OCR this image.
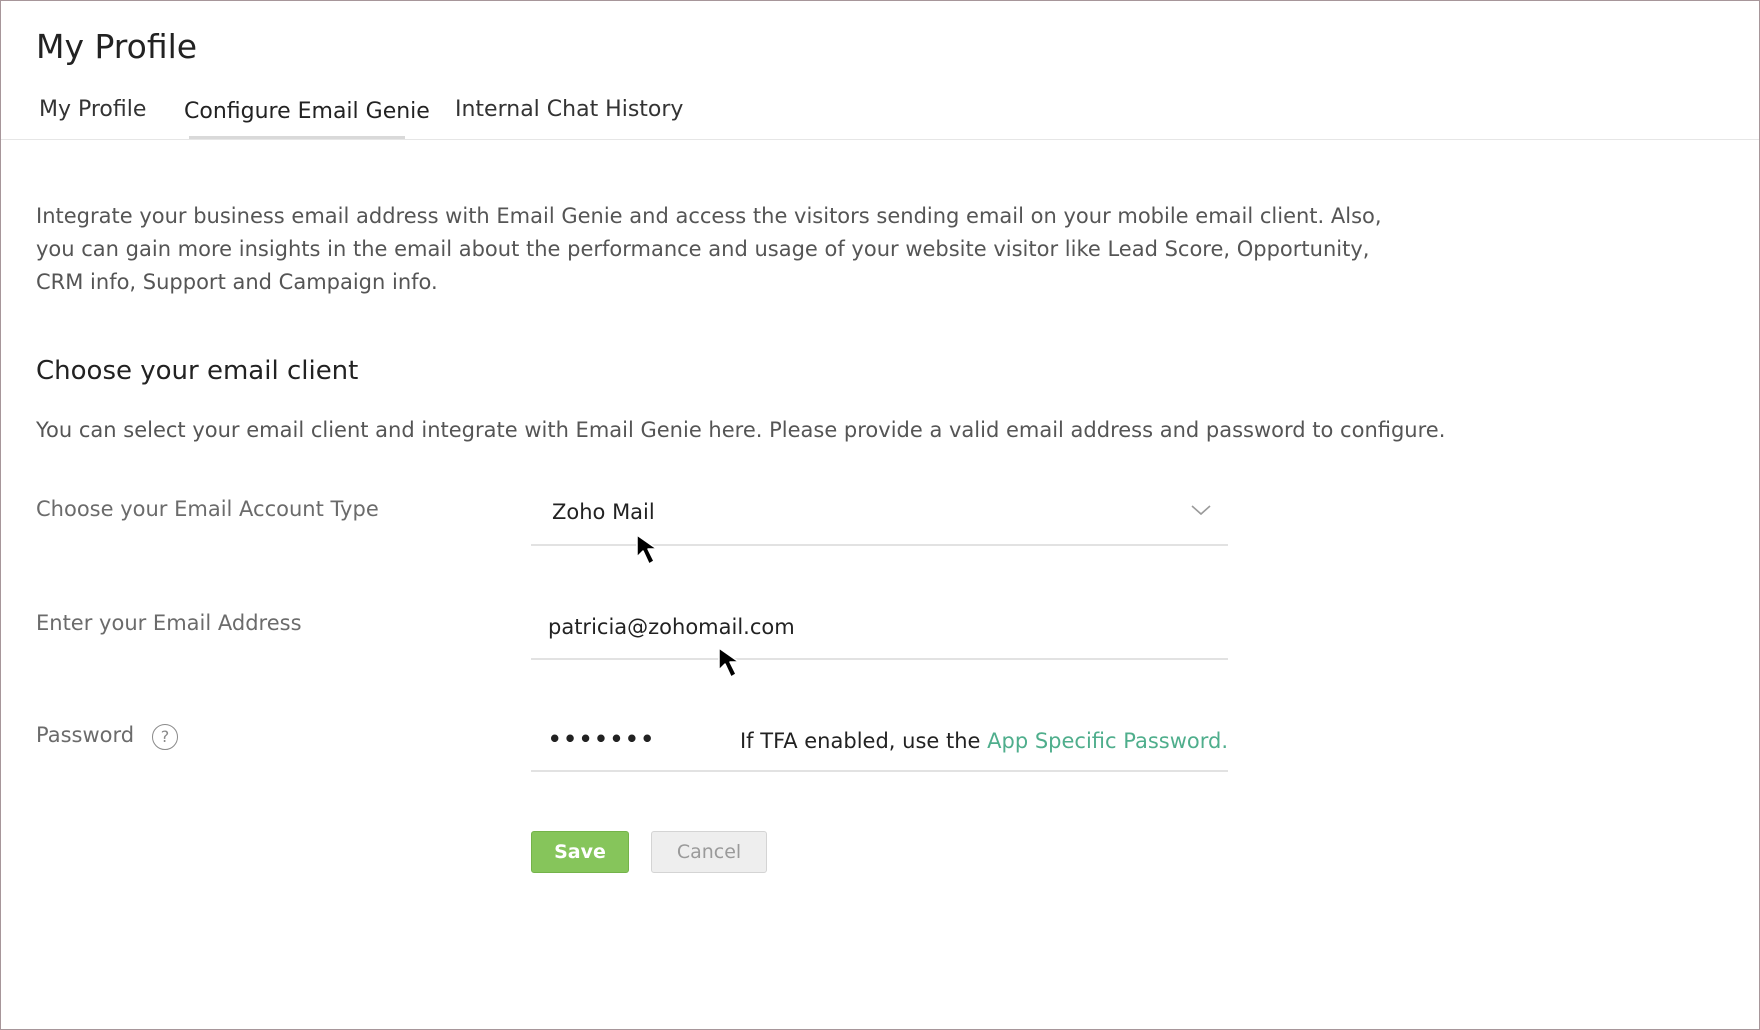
My Profile
My Profile Configure Email Genie Internal Chat History

Integrate your business email address with Email Genie and access the visitors sending email on your mobile email client. Also, you can gain more insights in the email about the performance and usage of your website visitor like Lead Score, Opportunity, CRM info, Support and Campaign info.

Choose your email client
You can select your email client and integrate with Email Genie here. Please provide a valid email address and password to configure.
Choose your Email Account Type	Zoho Mail
Enter your Email Address	patricia@zohomail.com
Password	?	•••••••	If TFA enabled, use the App Specific Password.
Save	Cancel
